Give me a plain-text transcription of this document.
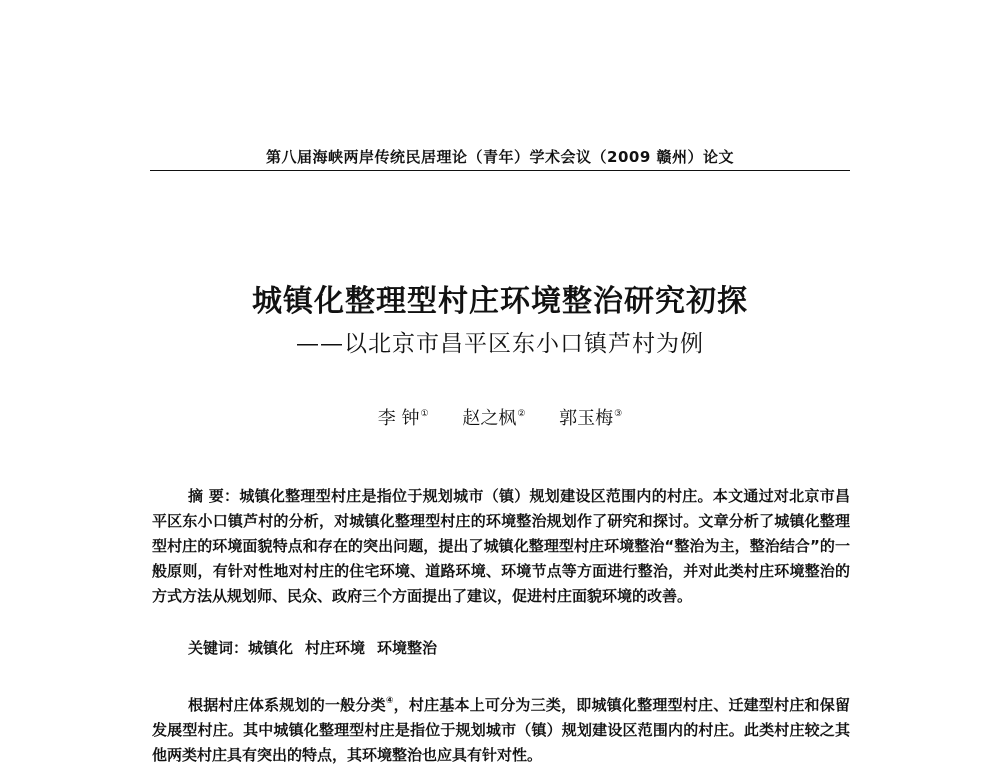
第八届海峡两岸传统民居理论（青年）学术会议（2009 赣州）论文
城镇化整理型村庄环境整治研究初探
——以北京市昌平区东小口镇芦村为例
李 钟① 赵之枫② 郭玉梅③

摘 要：城镇化整理型村庄是指位于规划城市（镇）规划建设区范围内的村庄。本文通过对北京市昌平区东小口镇芦村的分析，对城镇化整理型村庄的环境整治规划作了研究和探讨。文章分析了城镇化整理型村庄的环境面貌特点和存在的突出问题，提出了城镇化整理型村庄环境整治“整治为主，整治结合”的一般原则，有针对性地对村庄的住宅环境、道路环境、环境节点等方面进行整治，并对此类村庄环境整治的方式方法从规划师、民众、政府三个方面提出了建议，促进村庄面貌环境的改善。

关键词：城镇化 村庄环境 环境整治

根据村庄体系规划的一般分类④，村庄基本上可分为三类，即城镇化整理型村庄、迁建型村庄和保留发展型村庄。其中城镇化整理型村庄是指位于规划城市（镇）规划建设区范围内的村庄。此类村庄较之其他两类村庄具有突出的特点，其环境整治也应具有针对性。
